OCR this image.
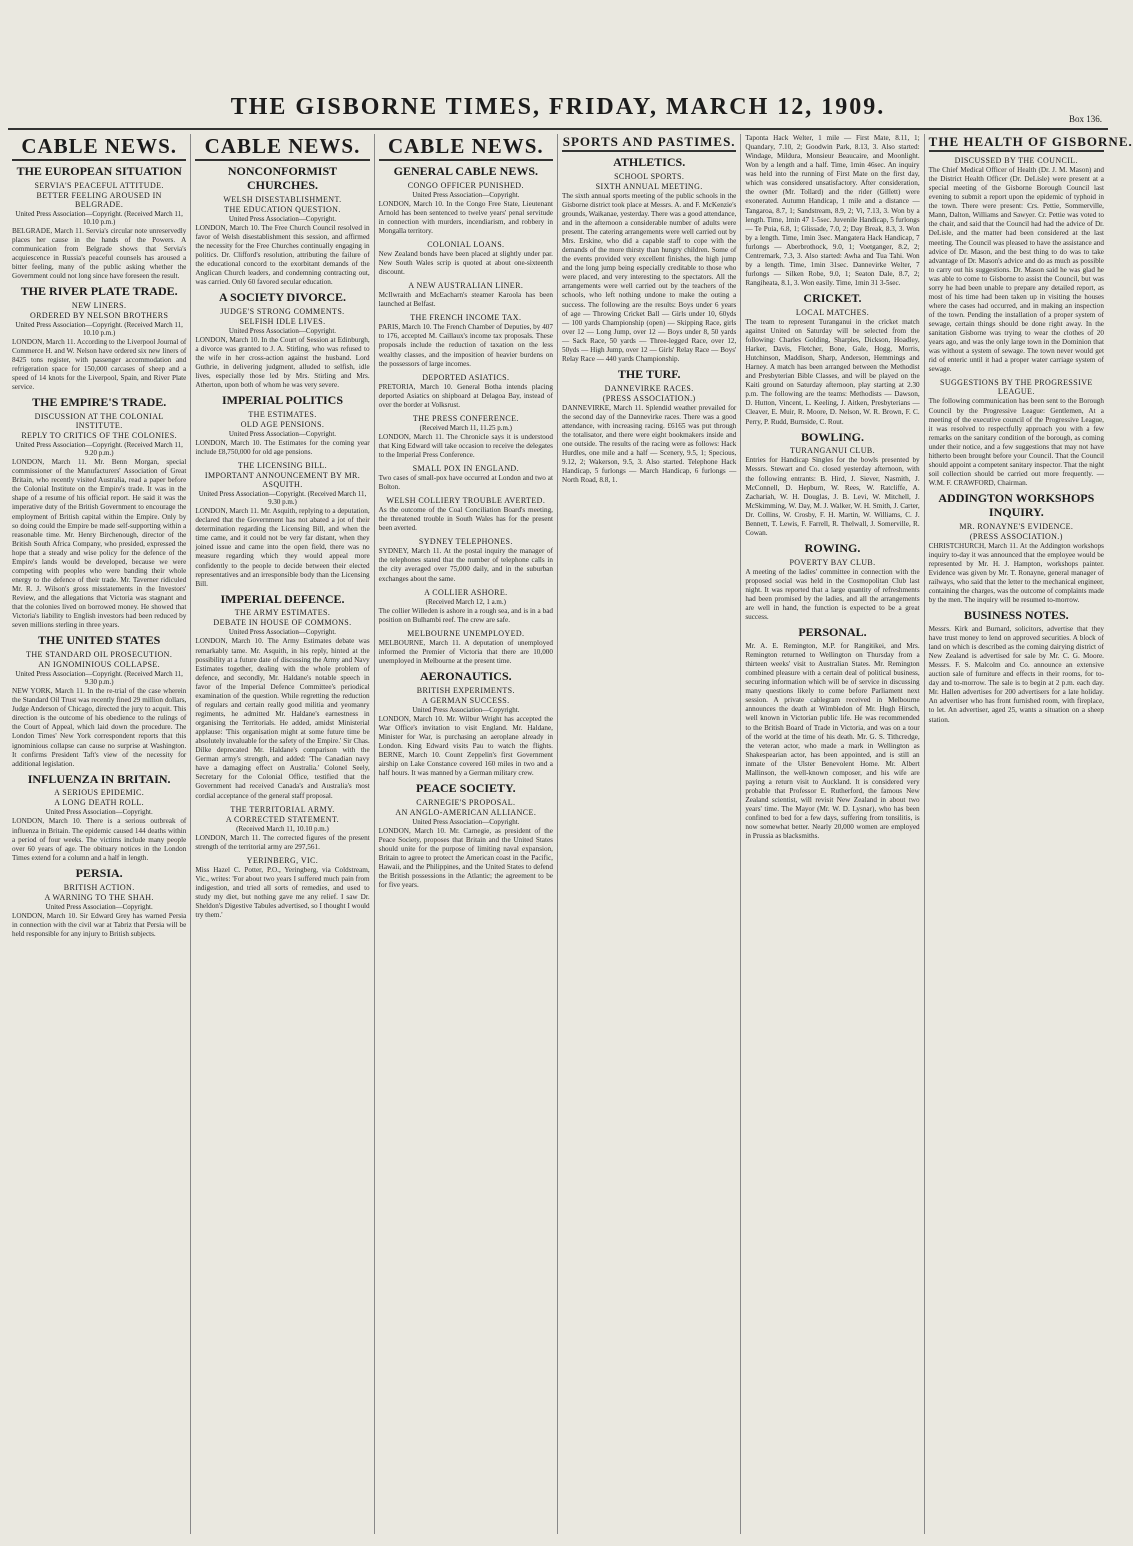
THE GISBORNE TIMES, FRIDAY, MARCH 12, 1909.	Box 136.
CABLE NEWS.
THE EUROPEAN SITUATION
SERVIA'S PEACEFUL ATTITUDE.
BETTER FEELING AROUSED IN BELGRADE.
United Press Association—Copyright. (Received March 11, 10.10 p.m.)

BELGRADE, March 11. Servia's circular note unreservedly places her cause in the hands of the Powers. A communication from Belgrade shows that Servia's acquiescence in Russia's peaceful counsels has aroused a bitter feeling, many of the public asking whether the Government could not long since have foreseen the result.

THE RIVER PLATE TRADE.
NEW LINERS.
ORDERED BY NELSON BROTHERS
United Press Association—Copyright. (Received March 11, 10.10 p.m.)

LONDON, March 11. According to the Liverpool Journal of Commerce H. and W. Nelson have ordered six new liners of 8425 tons register, with passenger accommodation and refrigeration space for 150,000 carcases of sheep and a speed of 14 knots for the Liverpool, Spain, and River Plate service.

THE EMPIRE'S TRADE.
DISCUSSION AT THE COLONIAL INSTITUTE.
REPLY TO CRITICS OF THE COLONIES.
United Press Association—Copyright. (Received March 11, 9.20 p.m.)

LONDON, March 11. Mr. Benn Morgan, special commissioner of the Manufacturers' Association of Great Britain, who recently visited Australia, read a paper before the Colonial Institute on the Empire's trade. It was in the shape of a resume of his official report. He said it was the imperative duty of the British Government to encourage the employment of British capital within the Empire. Only by so doing could the Empire be made self-supporting within a reasonable time. Mr. Henry Birchenough, director of the British South Africa Company, who presided, expressed the hope that a steady and wise policy for the defence of the Empire's lands would be developed, because we were competing with peoples who were banding their whole energy to the defence of their trade. Mr. Taverner ridiculed Mr. R. J. Wilson's gross misstatements in the Investors' Review, and the allegations that Victoria was stagnant and that the colonies lived on borrowed money. He showed that Victoria's liability to English investors had been reduced by seven millions sterling in three years.

THE UNITED STATES
THE STANDARD OIL PROSECUTION.
AN IGNOMINIOUS COLLAPSE.
United Press Association—Copyright. (Received March 11, 9.30 p.m.)

NEW YORK, March 11. In the re-trial of the case wherein the Standard Oil Trust was recently fined 29 million dollars, Judge Anderson of Chicago, directed the jury to acquit. This direction is the outcome of his obedience to the rulings of the Court of Appeal, which laid down the procedure. The London Times' New York correspondent reports that this ignominious collapse can cause no surprise at Washington. It confirms President Taft's view of the necessity for additional legislation.

INFLUENZA IN BRITAIN.
A SERIOUS EPIDEMIC.
A LONG DEATH ROLL.
United Press Association—Copyright.

LONDON, March 10. There is a serious outbreak of influenza in Britain. The epidemic caused 144 deaths within a period of four weeks. The victims include many people over 60 years of age. The obituary notices in the London Times extend for a column and a half in length.

PERSIA.
BRITISH ACTION.
A WARNING TO THE SHAH.
United Press Association—Copyright.

LONDON, March 10. Sir Edward Grey has warned Persia in connection with the civil war at Tabriz that Persia will be held responsible for any injury to British subjects.

CABLE NEWS.
NONCONFORMIST CHURCHES.
WELSH DISESTABLISHMENT.
THE EDUCATION QUESTION.
United Press Association—Copyright.

LONDON, March 10. The Free Church Council resolved in favor of Welsh disestablishment this session, and affirmed the necessity for the Free Churches continually engaging in politics. Dr. Clifford's resolution, attributing the failure of the educational concord to the exorbitant demands of the Anglican Church leaders, and condemning contracting out, was carried. Only 60 favored secular education.

A SOCIETY DIVORCE.
JUDGE'S STRONG COMMENTS.
SELFISH IDLE LIVES.
United Press Association—Copyright.

LONDON, March 10. In the Court of Session at Edinburgh, a divorce was granted to J. A. Stirling, who was refused to the wife in her cross-action against the husband. Lord Guthrie, in delivering judgment, alluded to selfish, idle lives, especially those led by Mrs. Stirling and Mrs. Atherton, upon both of whom he was very severe.

IMPERIAL POLITICS
THE ESTIMATES.
OLD AGE PENSIONS.
United Press Association—Copyright.

LONDON, March 10. The Estimates for the coming year include £8,750,000 for old age pensions.

THE LICENSING BILL.
IMPORTANT ANNOUNCEMENT BY MR. ASQUITH.
United Press Association—Copyright. (Received March 11, 9.30 p.m.)

LONDON, March 11. Mr. Asquith, replying to a deputation, declared that the Government has not abated a jot of their determination regarding the Licensing Bill, and when the time came, and it could not be very far distant, when they joined issue and came into the open field, there was no measure regarding which they would appeal more confidently to the people to decide between their elected representatives and an irresponsible body than the Licensing Bill.

IMPERIAL DEFENCE.
THE ARMY ESTIMATES.
DEBATE IN HOUSE OF COMMONS.
United Press Association—Copyright.

LONDON, March 10. The Army Estimates debate was remarkably tame. Mr. Asquith, in his reply, hinted at the possibility at a future date of discussing the Army and Navy Estimates together, dealing with the whole problem of defence, and secondly, Mr. Haldane's notable speech in favor of the Imperial Defence Committee's periodical examination of the question. While regretting the reduction of regulars and certain really good militia and yeomanry regiments, he admitted Mr. Haldane's earnestness in organising the Territorials. He added, amidst Ministerial applause: 'This organisation might at some future time be absolutely invaluable for the safety of the Empire.' Sir Chas. Dilke deprecated Mr. Haldane's comparison with the German army's strength, and added: 'The Canadian navy have a damaging effect on Australia.' Colonel Seely, Secretary for the Colonial Office, testified that the Government had received Canada's and Australia's most cordial acceptance of the general staff proposal.

THE TERRITORIAL ARMY.
A CORRECTED STATEMENT.
(Received March 11, 10.10 p.m.)

LONDON, March 11. The corrected figures of the present strength of the territorial army are 297,561.

YERINBERG, VIC.

Miss Hazel C. Potter, P.O., Yeringberg, via Coldstream, Vic., writes: 'For about two years I suffered much pain from indigestion, and tried all sorts of remedies, and used to study my diet, but nothing gave me any relief. I saw Dr. Sheldon's Digestive Tabules advertised, so I thought I would try them.'

CABLE NEWS.
GENERAL CABLE NEWS.
CONGO OFFICER PUNISHED.
United Press Association—Copyright.

LONDON, March 10. In the Congo Free State, Lieutenant Arnold has been sentenced to twelve years' penal servitude in connection with murders, incendiarism, and robbery in Mongalla territory.

COLONIAL LOANS.

New Zealand bonds have been placed at slightly under par. New South Wales scrip is quoted at about one-sixteenth discount.

A NEW AUSTRALIAN LINER.

McIlwraith and McEacharn's steamer Karoola has been launched at Belfast.

THE FRENCH INCOME TAX.

PARIS, March 10. The French Chamber of Deputies, by 407 to 176, accepted M. Caillaux's income tax proposals. These proposals include the reduction of taxation on the less wealthy classes, and the imposition of heavier burdens on the possessors of large incomes.

DEPORTED ASIATICS.

PRETORIA, March 10. General Botha intends placing deported Asiatics on shipboard at Delagoa Bay, instead of over the border at Volksrust.

THE PRESS CONFERENCE.
(Received March 11, 11.25 p.m.)

LONDON, March 11. The Chronicle says it is understood that King Edward will take occasion to receive the delegates to the Imperial Press Conference.

SMALL POX IN ENGLAND.

Two cases of small-pox have occurred at London and two at Bolton.

WELSH COLLIERY TROUBLE AVERTED.

As the outcome of the Coal Conciliation Board's meeting, the threatened trouble in South Wales has for the present been averted.

SYDNEY TELEPHONES.

SYDNEY, March 11. At the postal inquiry the manager of the telephones stated that the number of telephone calls in the city averaged over 75,000 daily, and in the suburban exchanges about the same.

A COLLIER ASHORE.
(Received March 12, 1 a.m.)

The collier Willeden is ashore in a rough sea, and is in a bad position on Bulhambi reef. The crew are safe.

MELBOURNE UNEMPLOYED.

MELBOURNE, March 11. A deputation of unemployed informed the Premier of Victoria that there are 10,000 unemployed in Melbourne at the present time.

AERONAUTICS.
BRITISH EXPERIMENTS.
A GERMAN SUCCESS.
United Press Association—Copyright.

LONDON, March 10. Mr. Wilbur Wright has accepted the War Office's invitation to visit England. Mr. Haldane, Minister for War, is purchasing an aeroplane already in London. King Edward visits Pau to watch the flights. BERNE, March 10. Count Zeppelin's first Government airship on Lake Constance covered 160 miles in two and a half hours. It was manned by a German military crew.

PEACE SOCIETY.
CARNEGIE'S PROPOSAL.
AN ANGLO-AMERICAN ALLIANCE.
United Press Association—Copyright.

LONDON, March 10. Mr. Carnegie, as president of the Peace Society, proposes that Britain and the United States should unite for the purpose of limiting naval expansion, Britain to agree to protect the American coast in the Pacific, Hawaii, and the Philippines, and the United States to defend the British possessions in the Atlantic; the agreement to be for five years.

SPORTS AND PASTIMES.
ATHLETICS.
SCHOOL SPORTS.
SIXTH ANNUAL MEETING.

The sixth annual sports meeting of the public schools in the Gisborne district took place at Messrs. A. and F. McKenzie's grounds, Waikanae, yesterday. There was a good attendance, and in the afternoon a considerable number of adults were present. The catering arrangements were well carried out by Mrs. Erskine, who did a capable staff to cope with the demands of the more thirsty than hungry children. Some of the events provided very excellent finishes, the high jump and the long jump being especially creditable to those who were placed, and very interesting to the spectators. All the arrangements were well carried out by the teachers of the schools, who left nothing undone to make the outing a success. The following are the results: Boys under 6 years of age — Throwing Cricket Ball — Girls under 10, 60yds — 100 yards Championship (open) — Skipping Race, girls over 12 — Long Jump, over 12 — Boys under 8, 50 yards — Sack Race, 50 yards — Three-legged Race, over 12, 50yds — High Jump, over 12 — Girls' Relay Race — Boys' Relay Race — 440 yards Championship.

THE TURF.
DANNEVIRKE RACES.
(PRESS ASSOCIATION.)

DANNEVIRKE, March 11. Splendid weather prevailed for the second day of the Dannevirke races. There was a good attendance, with increasing racing. £6165 was put through the totalisator, and there were eight bookmakers inside and one outside. The results of the racing were as follows: Hack Hurdles, one mile and a half — Scenery, 9.5, 1; Specious, 9.12, 2; Wakerson, 9.5, 3. Also started. Telephone Hack Handicap, 5 furlongs — March Handicap, 6 furlongs — North Road, 8.8, 1.

Taponta Hack Welter, 1 mile — First Mate, 8.11, 1; Quandary, 7.10, 2; Goodwin Park, 8.13, 3. Also started: Windage, Mildura, Monsieur Beaucaire, and Moonlight. Won by a length and a half. Time, 1min 46sec. An inquiry was held into the running of First Mate on the first day, which was considered unsatisfactory. After consideration, the owner (Mr. Tollard) and the rider (Gillett) were exonerated. Autumn Handicap, 1 mile and a distance — Tangaroa, 8.7, 1; Sandstream, 8.9, 2; Vi, 7.13, 3. Won by a length. Time, 1min 47 1-5sec. Juvenile Handicap, 5 furlongs — Te Puia, 6.8, 1; Glissade, 7.0, 2; Day Break, 8.3, 3. Won by a length. Time, 1min 3sec. Mangatera Hack Handicap, 7 furlongs — Aberbrothock, 9.0, 1; Voetganger, 8.2, 2; Centremark, 7.3, 3. Also started: Awha and Tua Tahi. Won by a length. Time, 1min 31sec. Dannevirke Welter, 7 furlongs — Silken Robe, 9.0, 1; Seaton Dale, 8.7, 2; Rangiheata, 8.1, 3. Won easily. Time, 1min 31 3-5sec.

CRICKET.
LOCAL MATCHES.

The team to represent Turanganui in the cricket match against United on Saturday will be selected from the following: Charles Golding, Sharples, Dickson, Hoadley, Harker, Davis, Fletcher, Bone, Gale, Hogg, Morris, Hutchinson, Maddison, Sharp, Anderson, Hemmings and Harney. A match has been arranged between the Methodist and Presbyterian Bible Classes, and will be played on the Kaiti ground on Saturday afternoon, play starting at 2.30 p.m. The following are the teams: Methodists — Dawson, D. Hutton, Vincent, L. Keeling, J. Aitken, Presbyterians — Cleaver, E. Muir, R. Moore, D. Nelson, W. R. Brown, F. C. Perry, P. Rudd, Burnside, C. Rout.

BOWLING.
TURANGANUI CLUB.

Entries for Handicap Singles for the bowls presented by Messrs. Stewart and Co. closed yesterday afternoon, with the following entrants: B. Hird, J. Siever, Nasmith, J. McConnell, D. Hepburn, W. Rees, W. Ratcliffe, A. Zachariah, W. H. Douglas, J. B. Levi, W. Mitchell, J. McSkimming, W. Day, M. J. Walker, W. H. Smith, J. Carter, Dr. Collins, W. Crosby, F. H. Martin, W. Williams, C. J. Bennett, T. Lewis, F. Farrell, R. Thelwall, J. Somerville, R. Cowan.

ROWING.
POVERTY BAY CLUB.

A meeting of the ladies' committee in connection with the proposed social was held in the Cosmopolitan Club last night. It was reported that a large quantity of refreshments had been promised by the ladies, and all the arrangements are well in hand, the function is expected to be a great success.

PERSONAL.

Mr. A. E. Remington, M.P. for Rangitikei, and Mrs. Remington returned to Wellington on Thursday from a thirteen weeks' visit to Australian States. Mr. Remington combined pleasure with a certain deal of political business, securing information which will be of service in discussing many questions likely to come before Parliament next session. A private cablegram received in Melbourne announces the death at Wimbledon of Mr. Hugh Hirsch, well known in Victorian public life. He was recommended to the British Board of Trade in Victoria, and was on a tour of the world at the time of his death. Mr. G. S. Tithcredge, the veteran actor, who made a mark in Wellington as Shakespearian actor, has been appointed, and is still an inmate of the Ulster Benevolent Home. Mr. Albert Mallinson, the well-known composer, and his wife are paying a return visit to Auckland. It is considered very probable that Professor E. Rutherford, the famous New Zealand scientist, will revisit New Zealand in about two years' time. The Mayor (Mr. W. D. Lysnar), who has been confined to bed for a few days, suffering from tonsilitis, is now somewhat better. Nearly 20,000 women are employed in Prussia as blacksmiths.

THE HEALTH OF GISBORNE.
DISCUSSED BY THE COUNCIL.

The Chief Medical Officer of Health (Dr. J. M. Mason) and the District Health Officer (Dr. DeLisle) were present at a special meeting of the Gisborne Borough Council last evening to submit a report upon the epidemic of typhoid in the town. There were present: Crs. Pettie, Sommerville, Mann, Dalton, Williams and Sawyer. Cr. Pettie was voted to the chair, and said that the Council had had the advice of Dr. DeLisle, and the matter had been considered at the last meeting. The Council was pleased to have the assistance and advice of Dr. Mason, and the best thing to do was to take advantage of Dr. Mason's advice and do as much as possible to carry out his suggestions. Dr. Mason said he was glad he was able to come to Gisborne to assist the Council, but was sorry he had been unable to prepare any detailed report, as most of his time had been taken up in visiting the houses where the cases had occurred, and in making an inspection of the town. Pending the installation of a proper system of sewage, certain things should be done right away. In the sanitation Gisborne was trying to wear the clothes of 20 years ago, and was the only large town in the Dominion that was without a system of sewage. The town never would get rid of enteric until it had a proper water carriage system of sewage.

SUGGESTIONS BY THE PROGRESSIVE LEAGUE.

The following communication has been sent to the Borough Council by the Progressive League: Gentlemen, At a meeting of the executive council of the Progressive League, it was resolved to respectfully approach you with a few remarks on the sanitary condition of the borough, as coming under their notice, and a few suggestions that may not have hitherto been brought before your Council. That the Council should appoint a competent sanitary inspector. That the night soil collection should be carried out more frequently. — W.M. F. CRAWFORD, Chairman.

ADDINGTON WORKSHOPS INQUIRY.
MR. RONAYNE'S EVIDENCE.
(PRESS ASSOCIATION.)

CHRISTCHURCH, March 11. At the Addington workshops inquiry to-day it was announced that the employee would be represented by Mr. H. J. Hampton, workshops painter. Evidence was given by Mr. T. Ronayne, general manager of railways, who said that the letter to the mechanical engineer, containing the charges, was the outcome of complaints made by the men. The inquiry will be resumed to-morrow.

BUSINESS NOTES.

Messrs. Kirk and Burnard, solicitors, advertise that they have trust money to lend on approved securities. A block of land on which is described as the coming dairying district of New Zealand is advertised for sale by Mr. C. G. Moore. Messrs. F. S. Malcolm and Co. announce an extensive auction sale of furniture and effects in their rooms, for to-day and to-morrow. The sale is to begin at 2 p.m. each day. Mr. Hallen advertises for 200 advertisers for a late holiday. An advertiser who has front furnished room, with fireplace, to let. An advertiser, aged 25, wants a situation on a sheep station.
